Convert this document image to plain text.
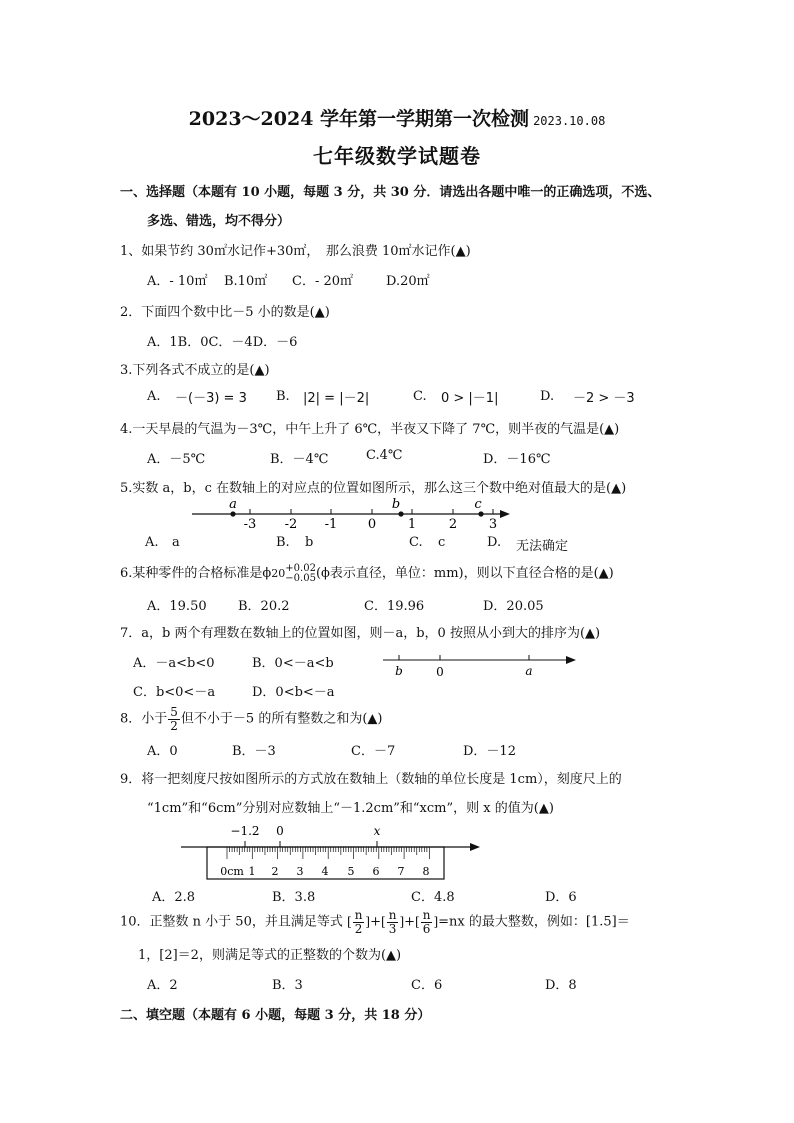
2023～2024 学年第一学期第一次检测 2023.10.08
七年级数学试题卷
一、选择题（本题有 10 小题，每题 3 分，共 30 分．请选出各题中唯一的正确选项，不选、
多选、错选，均不得分）
1、如果节约 30㎡水记作+30㎡，　那么浪费 10㎡水记作(▲)
A．- 10㎡ B.10㎡ C．- 20㎡	D.20㎡
2．下面四个数中比－5 小的数是(▲)
A．1B．0C．－4D．－6
3.下列各式不成立的是(▲)
A. －(－3) = 3 B. |2| = |－2|	C. 0 > |－1|	D. －2 > －3
4.一天早晨的气温为－3℃，中午上升了 6℃，半夜又下降了 7℃，则半夜的气温是(▲)
A．－5℃	B．－4℃	C.4℃	D．－16℃
5.实数 a，b，c 在数轴上的对应点的位置如图所示，那么这三个数中绝对值最大的是(▲)
-3 -2 -1 0 1	2 3
a	b	c
A. a	B. b	C. c	D. 无法确定
6.某种零件的合格标准是ϕ20 +0.02
−0.05 (ϕ表示直径，单位：mm)，则以下直径合格的是(▲)
A．19.50 B．20.2	C．19.96	D．20.05
7．a，b 两个有理数在数轴上的位置如图，则－a，b，0 按照从小到大的排序为(▲)
A．－a<b<0	B．0<－a<b
C．b<0<－a	D．0<b<－a
b	0	a
8．小于 $\frac{5}{2}$ 但不小于－5 的所有整数之和为(▲)
A．0	B．－3	C．－7	D．－12
9．将一把刻度尺按如图所示的方式放在数轴上（数轴的单位长度是 1cm），刻度尺上的
“1cm”和“6cm”分别对应数轴上“－1.2cm”和“xcm”，则 x 的值为(▲)
−1.2 0	x
0cm 1 2 3 4 5 6 7 8
A．2.8	B．3.8	C．4.8	D．6
10．正整数 n 小于 50，并且满足等式 [ $\frac{n}{2}$ ]+[ $\frac{n}{3}$ ]+[ $\frac{n}{6} ]=nx$ 的最大整数，例如：[1.5]＝
1，[2]＝2，则满足等式的正整数的个数为(▲)
A．2	B．3	C．6	D．8
二、填空题（本题有 6 小题，每题 3 分，共 18 分）
